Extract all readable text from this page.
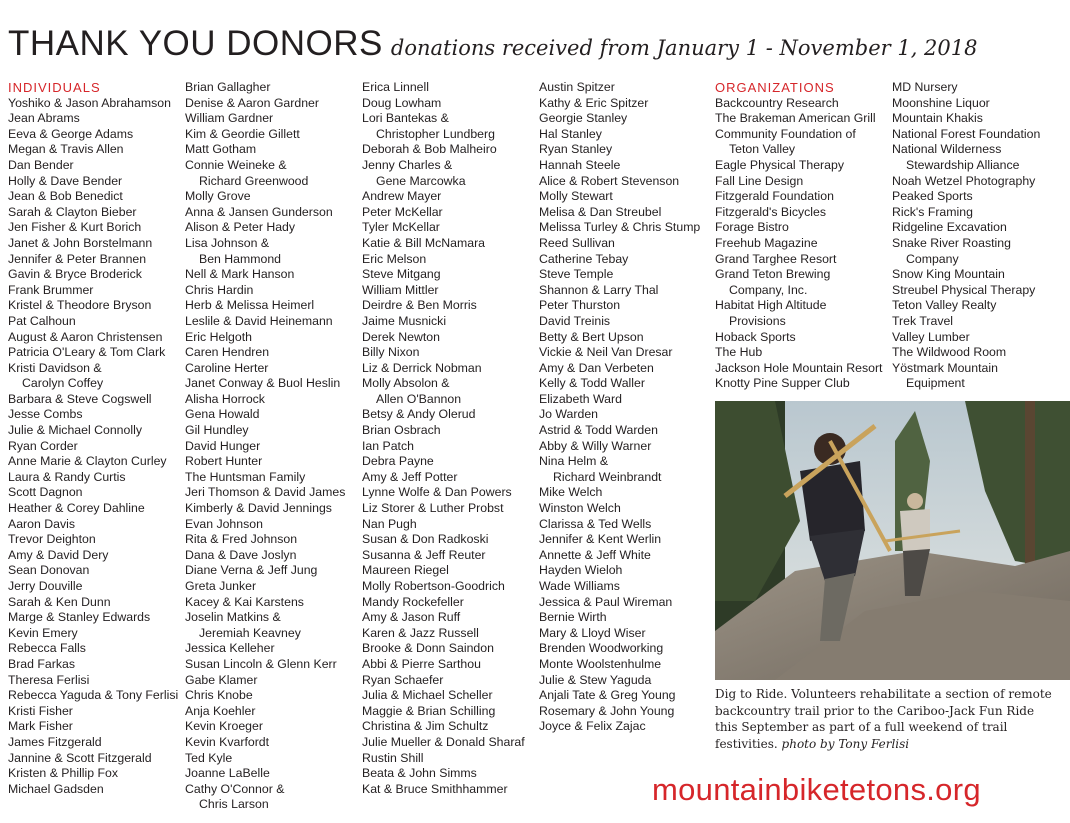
THANK YOU DONORS donations received from January 1 - November 1, 2018
INDIVIDUALS
Yoshiko & Jason Abrahamson
Jean Abrams
Eeva & George Adams
Megan & Travis Allen
Dan Bender
Holly & Dave Bender
Jean & Bob Benedict
Sarah & Clayton Bieber
Jen Fisher & Kurt Borich
Janet & John Borstelmann
Jennifer & Peter Brannen
Gavin & Bryce Broderick
Frank Brummer
Kristel & Theodore Bryson
Pat Calhoun
August & Aaron Christensen
Patricia O'Leary & Tom Clark
Kristi Davidson &
Carolyn Coffey
Barbara & Steve Cogswell
Jesse Combs
Julie & Michael Connolly
Ryan Corder
Anne Marie & Clayton Curley
Laura & Randy Curtis
Scott Dagnon
Heather & Corey Dahline
Aaron Davis
Trevor Deighton
Amy & David Dery
Sean Donovan
Jerry Douville
Sarah & Ken Dunn
Marge & Stanley Edwards
Kevin Emery
Rebecca Falls
Brad Farkas
Theresa Ferlisi
Rebecca Yaguda & Tony Ferlisi
Kristi Fisher
Mark Fisher
James Fitzgerald
Jannine & Scott Fitzgerald
Kristen & Phillip Fox
Michael Gadsden
Brian Gallagher
Denise & Aaron Gardner
William Gardner
Kim & Geordie Gillett
Matt Gotham
Connie Weineke &
Richard Greenwood
Molly Grove
Anna & Jansen Gunderson
Alison & Peter Hady
Lisa Johnson &
Ben Hammond
Nell & Mark Hanson
Chris Hardin
Herb & Melissa Heimerl
Leslile & David Heinemann
Eric Helgoth
Caren Hendren
Caroline Herter
Janet Conway & Buol Heslin
Alisha Horrock
Gena Howald
Gil Hundley
David Hunger
Robert Hunter
The Huntsman Family
Jeri Thomson & David James
Kimberly & David Jennings
Evan Johnson
Rita & Fred Johnson
Dana & Dave Joslyn
Diane Verna & Jeff Jung
Greta Junker
Kacey & Kai Karstens
Joselin Matkins &
Jeremiah Keavney
Jessica Kelleher
Susan Lincoln & Glenn Kerr
Gabe Klamer
Chris Knobe
Anja Koehler
Kevin Kroeger
Kevin Kvarfordt
Ted Kyle
Joanne LaBelle
Cathy O'Connor &
Chris Larson
Erica Linnell
Doug Lowham
Lori Bantekas &
Christopher Lundberg
Deborah & Bob Malheiro
Jenny Charles &
Gene Marcowka
Andrew Mayer
Peter McKellar
Tyler McKellar
Katie & Bill McNamara
Eric Melson
Steve Mitgang
William Mittler
Deirdre & Ben Morris
Jaime Musnicki
Derek Newton
Billy Nixon
Liz & Derrick Nobman
Molly Absolon &
Allen O'Bannon
Betsy & Andy Olerud
Brian Osbrach
Ian Patch
Debra Payne
Amy & Jeff Potter
Lynne Wolfe & Dan Powers
Liz Storer & Luther Probst
Nan Pugh
Susan & Don Radkoski
Susanna & Jeff Reuter
Maureen Riegel
Molly Robertson-Goodrich
Mandy Rockefeller
Amy & Jason Ruff
Karen & Jazz Russell
Brooke & Donn Saindon
Abbi & Pierre Sarthou
Ryan Schaefer
Julia & Michael Scheller
Maggie & Brian Schilling
Christina & Jim Schultz
Julie Mueller & Donald Sharaf
Rustin Shill
Beata & John Simms
Kat & Bruce Smithhammer
Austin Spitzer
Kathy & Eric Spitzer
Georgie Stanley
Hal Stanley
Ryan Stanley
Hannah Steele
Alice & Robert Stevenson
Molly Stewart
Melisa & Dan Streubel
Melissa Turley & Chris Stump
Reed Sullivan
Catherine Tebay
Steve Temple
Shannon & Larry Thal
Peter Thurston
David Treinis
Betty & Bert Upson
Vickie & Neil Van Dresar
Amy & Dan Verbeten
Kelly & Todd Waller
Elizabeth Ward
Jo Warden
Astrid & Todd Warden
Abby & Willy Warner
Nina Helm &
Richard Weinbrandt
Mike Welch
Winston Welch
Clarissa & Ted Wells
Jennifer & Kent Werlin
Annette & Jeff White
Hayden Wieloh
Wade Williams
Jessica & Paul Wireman
Bernie Wirth
Mary & Lloyd Wiser
Brenden Woodworking
Monte Woolstenhulme
Julie & Stew Yaguda
Anjali Tate & Greg Young
Rosemary & John Young
Joyce & Felix Zajac
ORGANIZATIONS
Backcountry Research
The Brakeman American Grill
Community Foundation of
Teton Valley
Eagle Physical Therapy
Fall Line Design
Fitzgerald Foundation
Fitzgerald's Bicycles
Forage Bistro
Freehub Magazine
Grand Targhee Resort
Grand Teton Brewing
Company, Inc.
Habitat High Altitude
Provisions
Hoback Sports
The Hub
Jackson Hole Mountain Resort
Knotty Pine Supper Club
MD Nursery
Moonshine Liquor
Mountain Khakis
National Forest Foundation
National Wilderness
Stewardship Alliance
Noah Wetzel Photography
Peaked Sports
Rick's Framing
Ridgeline Excavation
Snake River Roasting
Company
Snow King Mountain
Streubel Physical Therapy
Teton Valley Realty
Trek Travel
Valley Lumber
The Wildwood Room
Yöstmark Mountain
Equipment
Dig to Ride. Volunteers rehabilitate a section of remote backcountry trail prior to the Cariboo-Jack Fun Ride this September as part of a full weekend of trail festivities. photo by Tony Ferlisi
mountainbiketetons.org
